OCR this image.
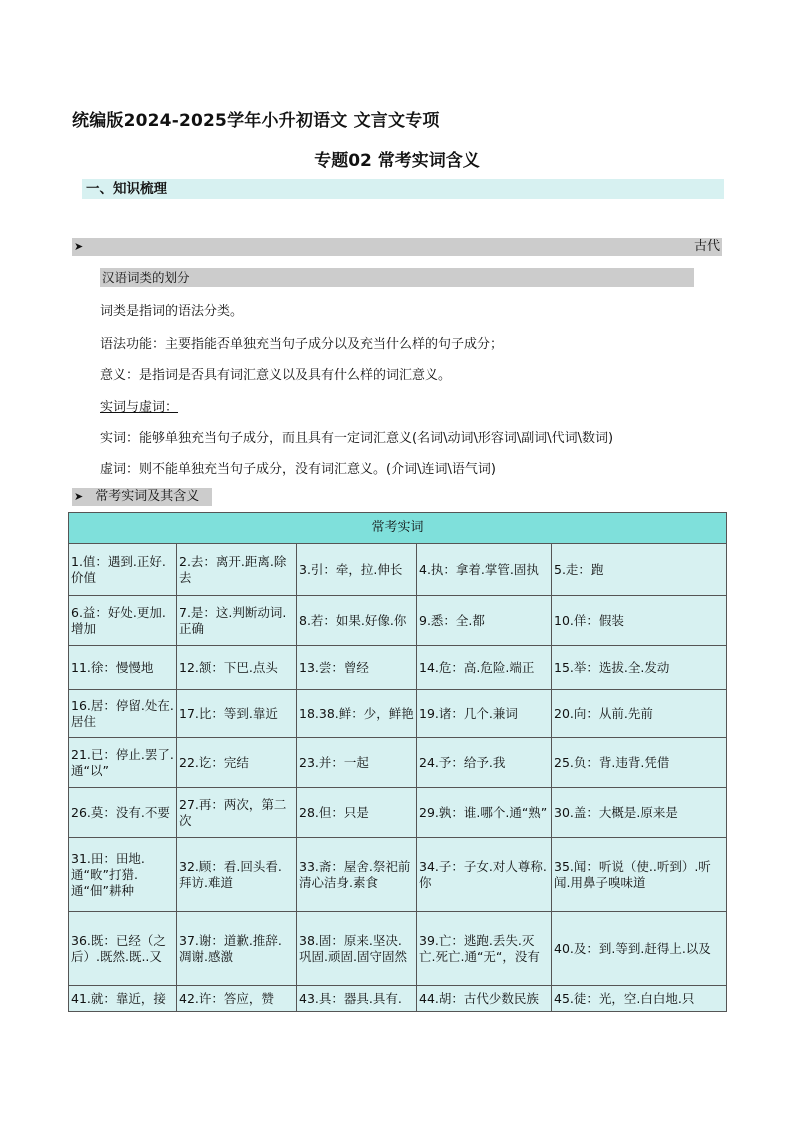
统编版2024-2025学年小升初语文 文言文专项
专题02 常考实词含义
一、知识梳理
➤	古代
汉语词类的划分
词类是指词的语法分类。
语法功能：主要指能否单独充当句子成分以及充当什么样的句子成分；
意义：是指词是否具有词汇意义以及具有什么样的词汇意义。
实词与虚词：
实词：能够单独充当句子成分，而且具有一定词汇意义(名词\动词\形容词\副词\代词\数词)
虚词：则不能单独充当句子成分，没有词汇意义。(介词\连词\语气词)
➤ 常考实词及其含义
常考实词				
1.值：遇到.正好.价值	2.去：离开.距离.除去	3.引：牵，拉.伸长	4.执：拿着.掌管.固执	5.走：跑
6.益：好处.更加.增加	7.是：这.判断动词.正确	8.若：如果.好像.你	9.悉：全.都	10.佯：假装
11.徐：慢慢地	12.颔：下巴.点头	13.尝：曾经	14.危：高.危险.端正	15.举：选拔.全.发动
16.居：停留.处在.居住	17.比：等到.靠近	18.38.鲜：少，鲜艳	19.诸：几个.兼词	20.向：从前.先前
21.已：停止.罢了.通“以”	22.讫：完结	23.并：一起	24.予：给予.我	25.负：背.违背.凭借
26.莫：没有.不要	27.再：两次，第二次	28.但：只是	29.孰：谁.哪个.通“熟”	30.盖：大概是.原来是
31.田：田地.通“畋”打猎.通“佃”耕种	32.顾：看.回头看.拜访.难道	33.斋：屋舍.祭祀前清心洁身.素食	34.子：子女.对人尊称.你	35.闻：听说（使..听到）.听闻.用鼻子嗅味道
36.既：已经（之后）.既然.既..又	37.谢：道歉.推辞.凋谢.感激	38.固：原来.坚决.巩固.顽固.固守固然	39.亡：逃跑.丢失.灭亡.死亡.通“无“，没有	40.及：到.等到.赶得上.以及
41.就：靠近，接	42.许：答应，赞	43.具：器具.具有.	44.胡：古代少数民族	45.徒：光，空.白白地.只
